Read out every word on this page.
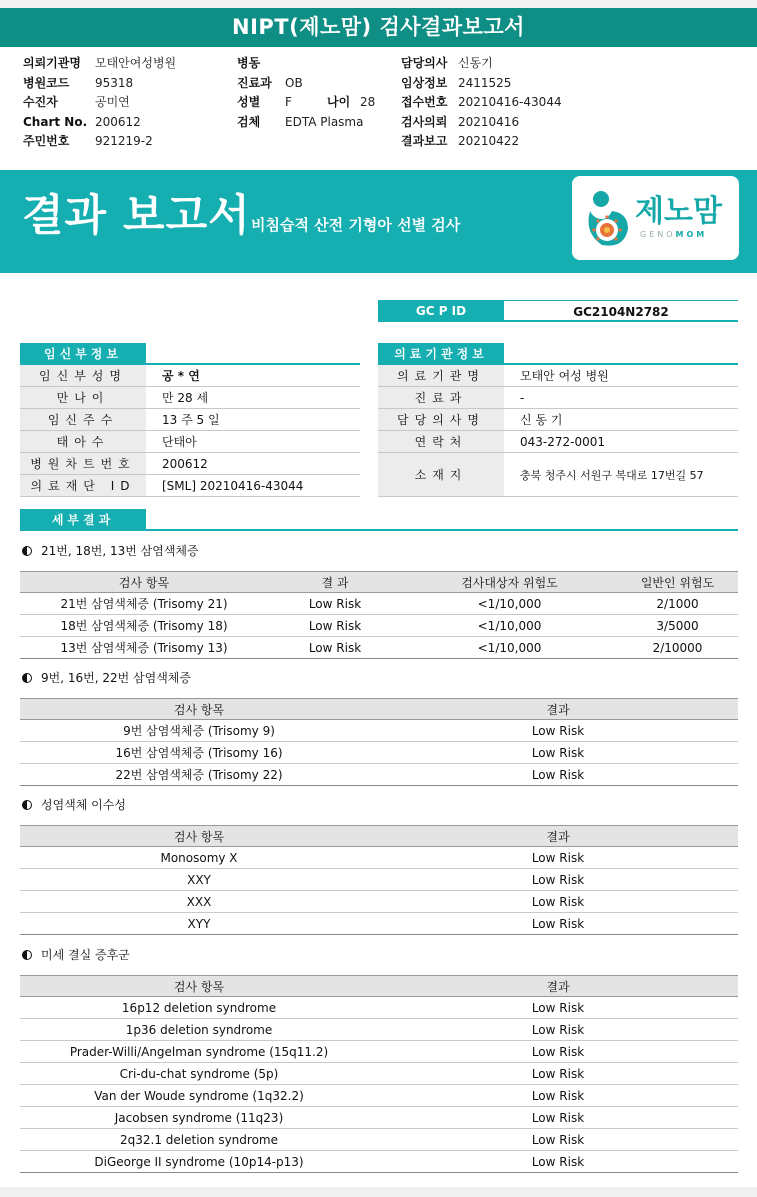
NIPT(제노맘) 검사결과보고서
의뢰기관명	모태안여성병원
병원코드	95318
수진자	공미연
Chart No. 200612
주민번호	921219-2
병동
진료과	OB
성별	F	나이 28
검체	EDTA Plasma
담당의사 신동기
임상정보 2411525
접수번호 20210416-43044
검사의뢰 20210416
결과보고 20210422
결과 보고서 비침습적 산전 기형아 선별 검사	제노맘
GENOMOM
GC P ID	GC2104N2782
임신부정보
임신부성명	공 * 연
만나이	만 28 세
임신주수	13 주 5 일
태아수	단태아
병원차트번호	200612
의료재단 ID	[SML] 20210416-43044
의료기관정보
의료기관명	모태안 여성 병원
진료과	-
담당의사명	신 동 기
연락처	043-272-0001
소재지	충북 청주시 서원구 복대로 17번길 57
세부결과
21번, 18번, 13번 삼염색체증
검사 항목	결 과	검사대상자 위험도	일반인 위험도
21번 삼염색체증 (Trisomy 21)	Low Risk	<1/10,000	2/1000
18번 삼염색체증 (Trisomy 18)	Low Risk	<1/10,000	3/5000
13번 삼염색체증 (Trisomy 13)	Low Risk	<1/10,000	2/10000
9번, 16번, 22번 삼염색체증
검사 항목	결과
9번 삼염색체증 (Trisomy 9)	Low Risk
16번 삼염색체증 (Trisomy 16)	Low Risk
22번 삼염색체증 (Trisomy 22)	Low Risk
성염색체 이수성
검사 항목	결과
Monosomy X	Low Risk
XXY	Low Risk
XXX	Low Risk
XYY	Low Risk
미세 결실 증후군
검사 항목	결과
16p12 deletion syndrome	Low Risk
1p36 deletion syndrome	Low Risk
Prader-Willi/Angelman syndrome (15q11.2)	Low Risk
Cri-du-chat syndrome (5p)	Low Risk
Van der Woude syndrome (1q32.2)	Low Risk
Jacobsen syndrome (11q23)	Low Risk
2q32.1 deletion syndrome	Low Risk
DiGeorge II syndrome (10p14-p13)	Low Risk
